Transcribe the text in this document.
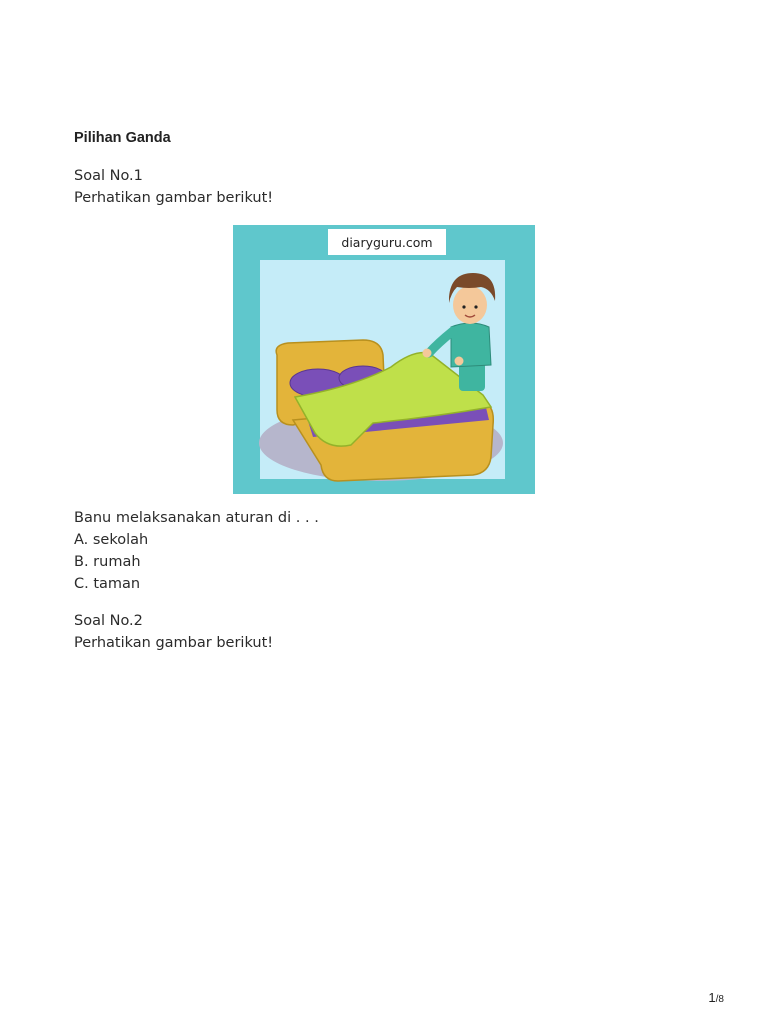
Pilihan Ganda
Soal No.1
Perhatikan gambar berikut!
diaryguru.com
Banu melaksanakan aturan di . . .
A. sekolah
B. rumah
C. taman
Soal No.2
Perhatikan gambar berikut!
1/8
